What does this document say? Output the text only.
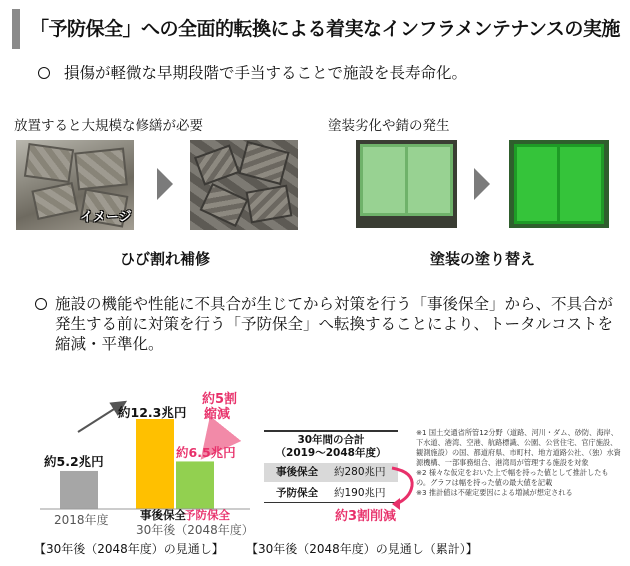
「予防保全」への全面的転換による着実なインフラメンテナンスの実施
損傷が軽微な早期段階で手当することで施設を長寿命化。
放置すると大規模な修繕が必要	塗装劣化や錆の発生
イメージ
ひび割れ補修	塗装の塗り替え
施設の機能や性能に不具合が生じてから対策を行う「事後保全」から、不具合が発生する前に対策を行う「予防保全」へ転換することにより、トータルコストを縮減・平準化。
約5.2兆円
約12.3兆円
約6.5兆円
約5割
縮減
2018年度	事後保全
予防保全
30年後（2048年度）
30年間の合計
（2019～2048年度）
事後保全 約280兆円
予防保全 約190兆円
約3割削減

※1 国土交通省所管12分野（道路、河川・ダム、砂防、海岸、下水道、港湾、空港、航路標識、公園、公営住宅、官庁施設、観測施設）の国、都道府県、市町村、地方道路公社、（独）水資源機構、一部事務組合、港湾局が管理する施設を対象

※2 様々な仮定をおいた上で幅を持った値として推計したもの。グラフは幅を持った値の最大値を記載

※3 推計値は不確定要因による増減が想定される

【30年後（2048年度）の見通し】 【30年後（2048年度）の見通し（累計）】
